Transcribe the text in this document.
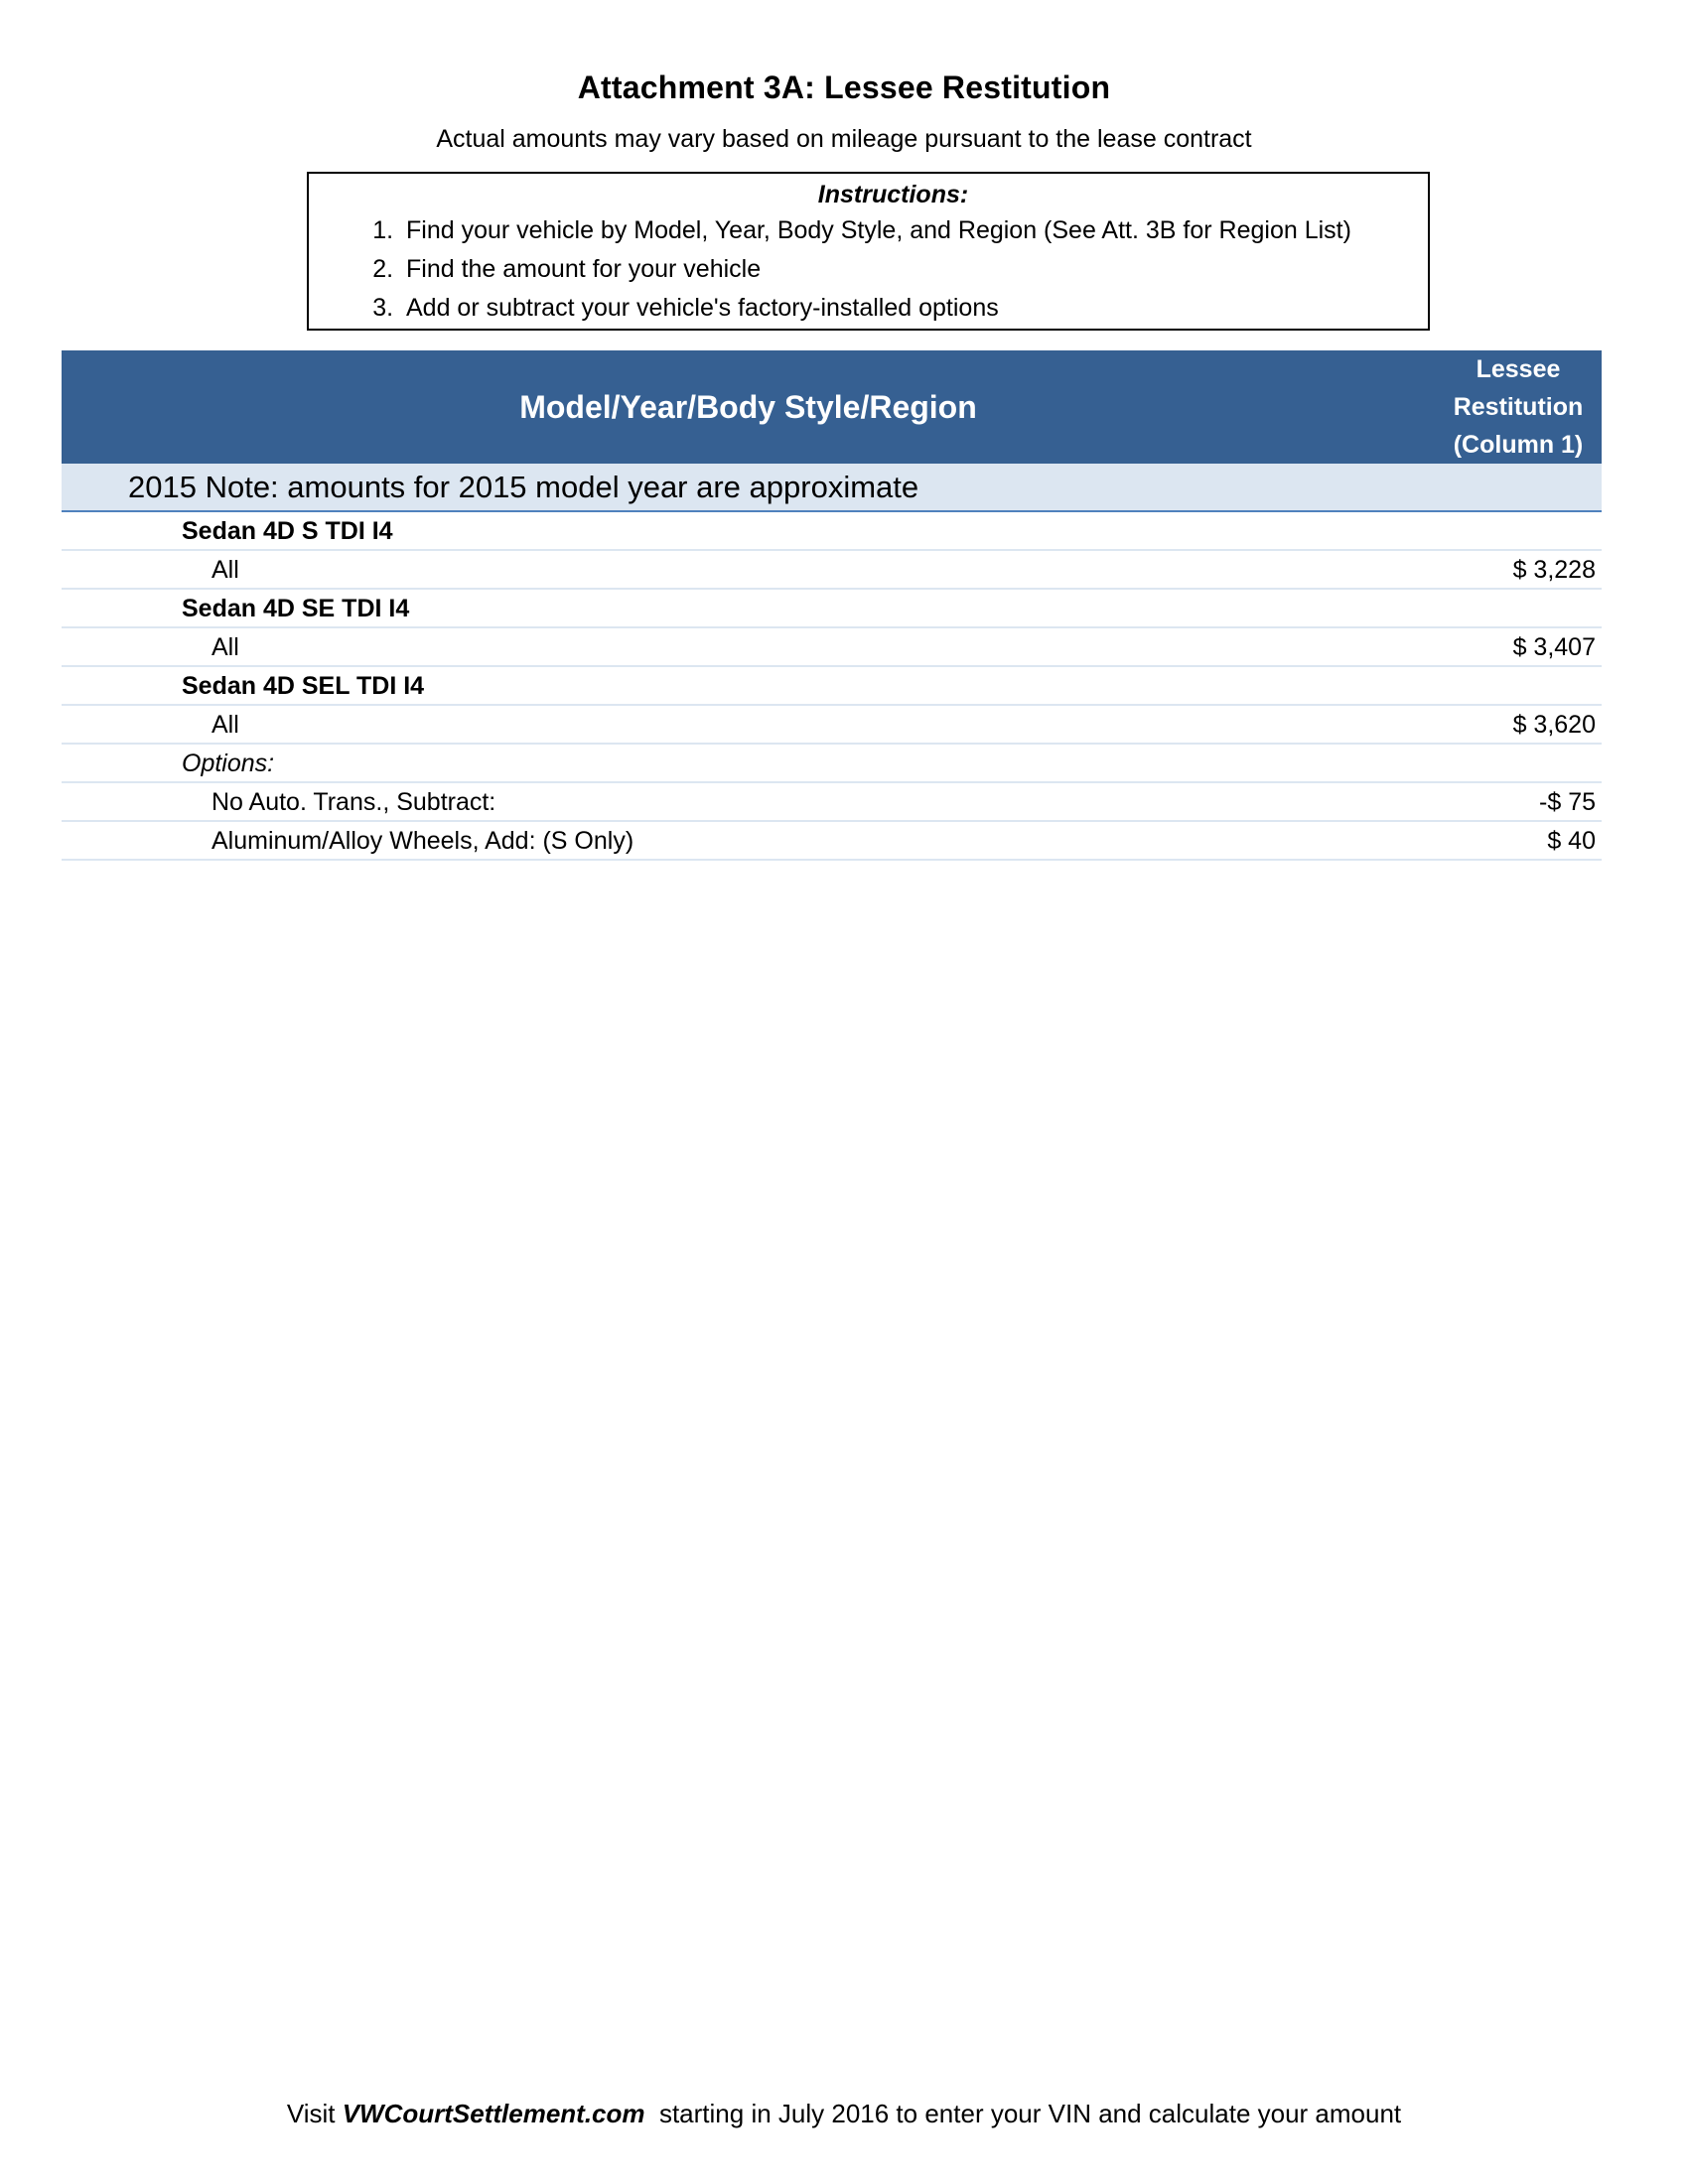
Attachment 3A: Lessee Restitution
Actual amounts may vary based on mileage pursuant to the lease contract
Instructions:
1. Find your vehicle by Model, Year, Body Style, and Region (See Att. 3B for Region List)
2. Find the amount for your vehicle
3. Add or subtract your vehicle's factory-installed options
Model/Year/Body Style/Region
Lessee
Restitution
(Column 1)
2015 Note: amounts for 2015 model year are approximate
Sedan 4D S TDI I4
All	$ 3,228
Sedan 4D SE TDI I4
All	$ 3,407
Sedan 4D SEL TDI I4
All	$ 3,620
Options:
No Auto. Trans., Subtract:	-$ 75
Aluminum/Alloy Wheels, Add: (S Only)	$ 40
Visit VWCourtSettlement.com  starting in July 2016 to enter your VIN and calculate your amount
